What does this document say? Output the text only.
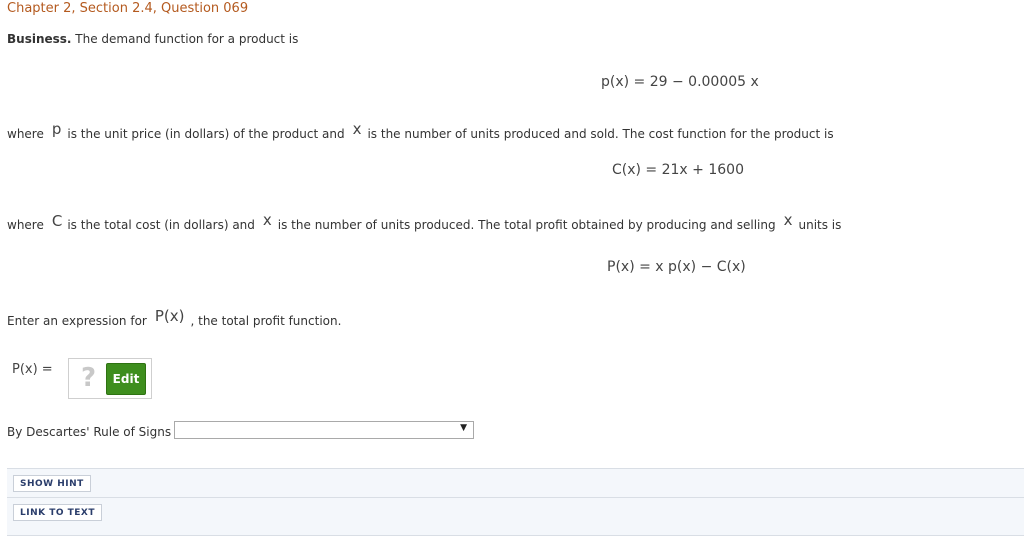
Chapter 2, Section 2.4, Question 069
Business. The demand function for a product is
p(x) = 29 − 0.00005 x
where p is the unit price (in dollars) of the product and x is the number of units produced and sold. The cost function for the product is
C(x) = 21x + 1600
where C is the total cost (in dollars) and x is the number of units produced. The total profit obtained by producing and selling x units is
P(x) = x p(x) − C(x)
Enter an expression for P(x) , the total profit function.
P(x) = ?	Edit
By Descartes' Rule of Signs	▼
SHOW HINT
LINK TO TEXT
